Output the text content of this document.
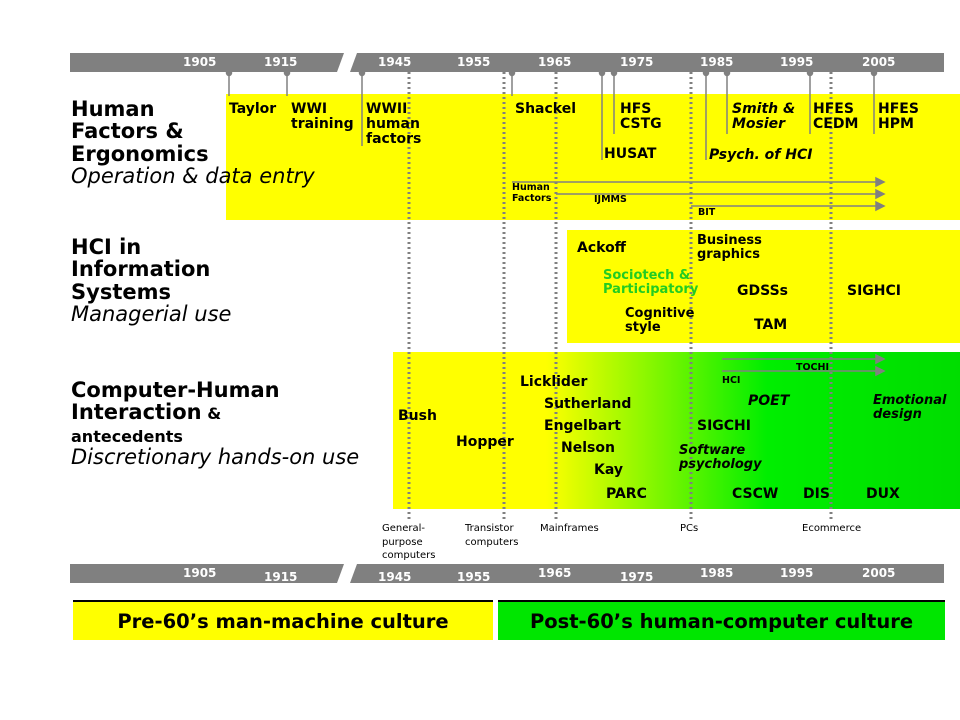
1905	1915	1945	1955	1965	1975	1985	1995	2005
1905	1915	1945	1955	1965	1975	1985	1995	2005
Human Factors & Ergonomics
Operation & data entry
HCI in Information Systems
Managerial use
Computer-Human Interaction & antecedents
Discretionary hands-on use
Taylor WWI training
WWII human factors
Shackel	HFS CSTG
HUSAT
Smith & Mosier
Psych. of HCI
HFES CEDM
HFES HPM
Human Factors	IJMMS
BIT
Ackoff	Business graphics
Sociotech & Participatory	GDSSs	SIGHCI
Cognitive style	TAM
TOCHI
HCI
POET	Emotional design
Licklider
Sutherland
Engelbart
Nelson
Kay
Bush
Hopper
SIGCHI
Software psychology
PARC	CSCW DIS	DUX
General-purpose computers
Transistor computers
Mainframes	PCs	Ecommerce
Pre-60’s man-machine culture	Post-60’s human-computer culture
